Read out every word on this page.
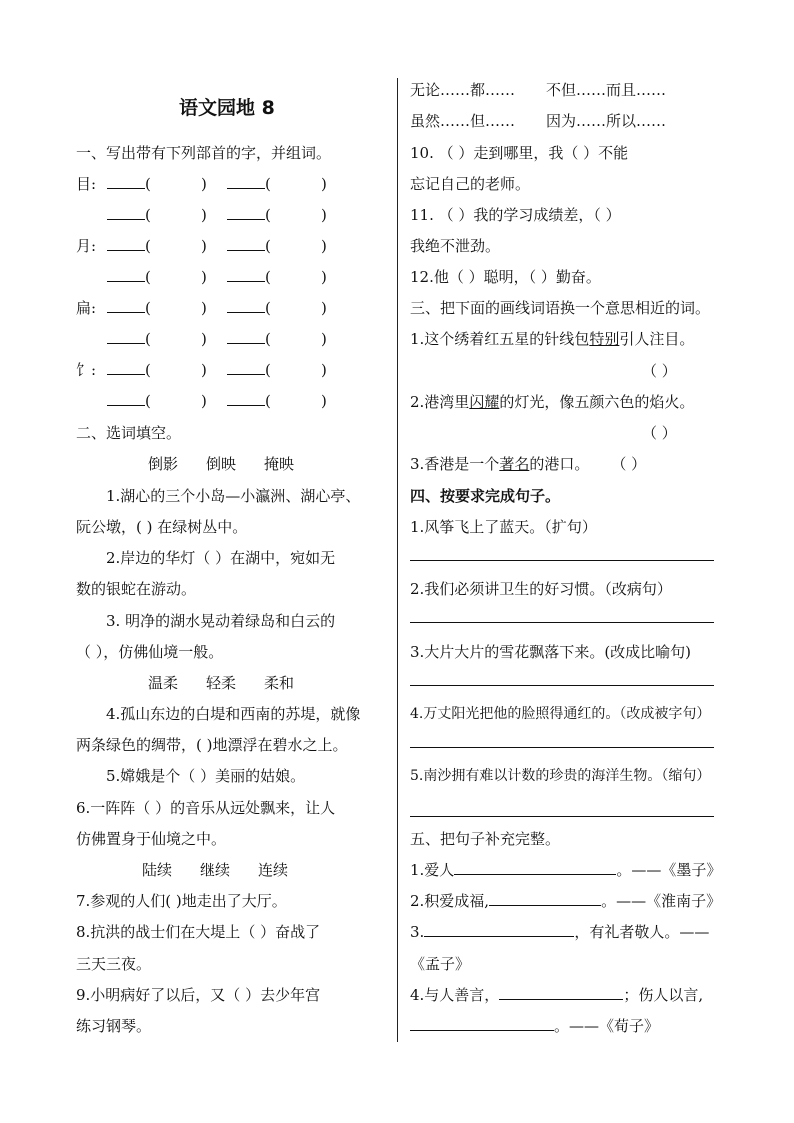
语文园地 8
一、写出带有下列部首的字，并组词。
目:	(	)	(	)
(	)	(	)
月:	(	)	(	)
(	)	(	)
扁:	(	)	(	)
(	)	(	)
饣:	(	)	(	)
(	)	(	)
二、选词填空。
倒影 倒映 掩映
1.湖心的三个小岛—小瀛洲、湖心亭、
阮公墩，( ) 在绿树丛中。
2.岸边的华灯（ ）在湖中，宛如无
数的银蛇在游动。
3. 明净的湖水晃动着绿岛和白云的
（ ），仿佛仙境一般。
温柔 轻柔 柔和
4.孤山东边的白堤和西南的苏堤，就像
两条绿色的绸带，( )地漂浮在碧水之上。
5.嫦娥是个（ ）美丽的姑娘。
6.一阵阵（ ）的音乐从远处飘来，让人
仿佛置身于仙境之中。
陆续 继续 连续
7.参观的人们( )地走出了大厅。
8.抗洪的战士们在大堤上（ ）奋战了
三天三夜。
9.小明病好了以后，又（ ）去少年宫
练习钢琴。
无论……都…… 不但……而且……
虽然……但…… 因为……所以……
10. （ ）走到哪里，我（ ）不能
忘记自己的老师。
11. （ ）我的学习成绩差，（ ）
我绝不泄劲。
12.他（ ）聪明，（ ）勤奋。
三、把下面的画线词语换一个意思相近的词。
1.这个绣着红五星的针线包特别引人注目。
（ ）
2.港湾里闪耀的灯光，像五颜六色的焰火。
（ ）
3.香港是一个著名的港口。 （ ）
四、按要求完成句子。
1.风筝飞上了蓝天。（扩句）
2.我们必须讲卫生的好习惯。（改病句）
3.大片大片的雪花飘落下来。(改成比喻句)
4.万丈阳光把他的脸照得通红的。（改成被字句）
5.南沙拥有难以计数的珍贵的海洋生物。（缩句）
五、把句子补充完整。
1.爱人	。——《墨子》
2.积爱成福,	。——《淮南子》
3.	，有礼者敬人。——
《孟子》
4.与人善言，	；伤人以言,
。——《荀子》
